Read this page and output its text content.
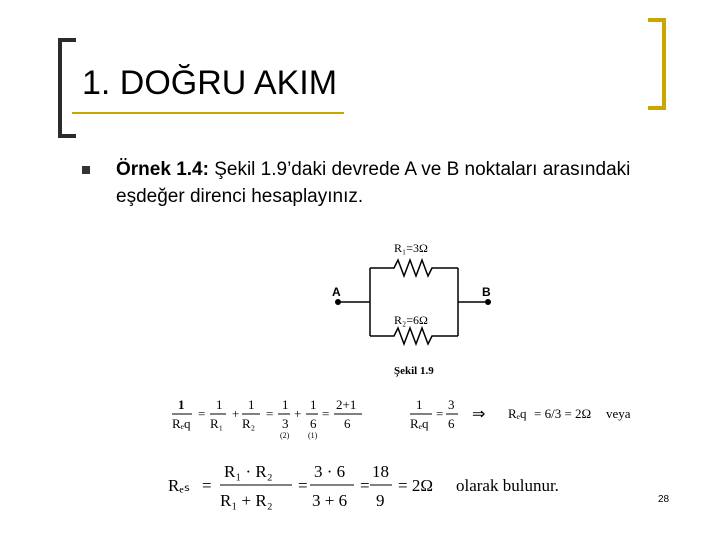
1. DOĞRU AKIM
Örnek 1.4: Şekil 1.9’daki devrede A ve B noktaları arasındaki eşdeğer direnci hesaplayınız.
R₁=3Ω
R₂=6Ω
A	B
Şekil 1.9
1
Rₑq
=
1
R₁
+
1
R₂
=
1
3
(2)
+
1
6
(1)
=
2+1
6
1
Rₑq
=
3
6
⇒ Rₑq = 6/3 = 2Ω veya
Rₑₛ =
R₁ · R₂
R₁ + R₂
=
3 · 6
3 + 6
=
18
9
= 2Ω olarak bulunur.
28
